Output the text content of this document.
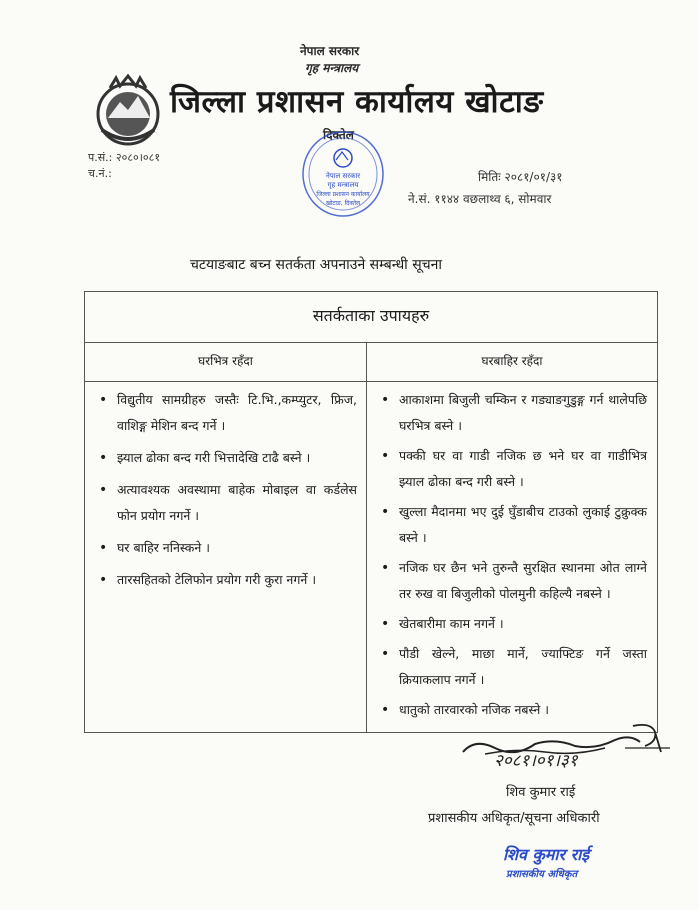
नेपाल सरकार
गृह मन्त्रालय
जिल्ला प्रशासन कार्यालय खोटाङ
दिक्तेल
नेपाल सरकार
गृह मन्त्रालय
जिल्ला प्रशासन कार्यालय
खोटाङ, दिक्तेल
प.सं.: २०८०।०८१
च.नं.:	मितिः २०८१/०१/३१
ने.सं. ११४४ वछलाथ्व ६, सोमवार
चटयाङबाट बच्न सतर्कता अपनाउने सम्बन्धी सूचना
सतर्कताका उपायहरु
घरभित्र रहँदा	घरबाहिर रहँदा
• विद्युतीय सामग्रीहरु जस्तैः टि.भि.,कम्प्युटर, फ्रिज, वाशिङ्ग मेशिन बन्द गर्ने ।
• झ्याल ढोका बन्द गरी भित्तादेखि टाढै बस्ने ।
• अत्यावश्यक अवस्थामा बाहेक मोबाइल वा कर्डलेस फोन प्रयोग नगर्ने ।
• घर बाहिर ननिस्कने ।
• तारसहितको टेलिफोन प्रयोग गरी कुरा नगर्ने ।
• आकाशमा बिजुली चम्किन र गड्याङगुडुङ्ग गर्न थालेपछि घरभित्र बस्ने ।
• पक्की घर वा गाडी नजिक छ भने घर वा गाडीभित्र झ्याल ढोका बन्द गरी बस्ने ।
• खुल्ला मैदानमा भए दुई घुँडाबीच टाउको लुकाई टुक्रुक्क बस्ने ।
• नजिक घर छैन भने तुरुन्तै सुरक्षित स्थानमा ओत लाग्ने तर रुख वा बिजुलीको पोलमुनी कहिल्यै नबस्ने ।
• खेतबारीमा काम नगर्ने ।
• पौडी खेल्ने, माछा मार्ने, ज्याफ्टिङ गर्ने जस्ता क्रियाकलाप नगर्ने ।
• धातुको तारवारको नजिक नबस्ने ।
२०८१।०१।३१
शिव कुमार राई
प्रशासकीय अधिकृत/सूचना अधिकारी
शिव कुमार राई
प्रशासकीय अधिकृत
